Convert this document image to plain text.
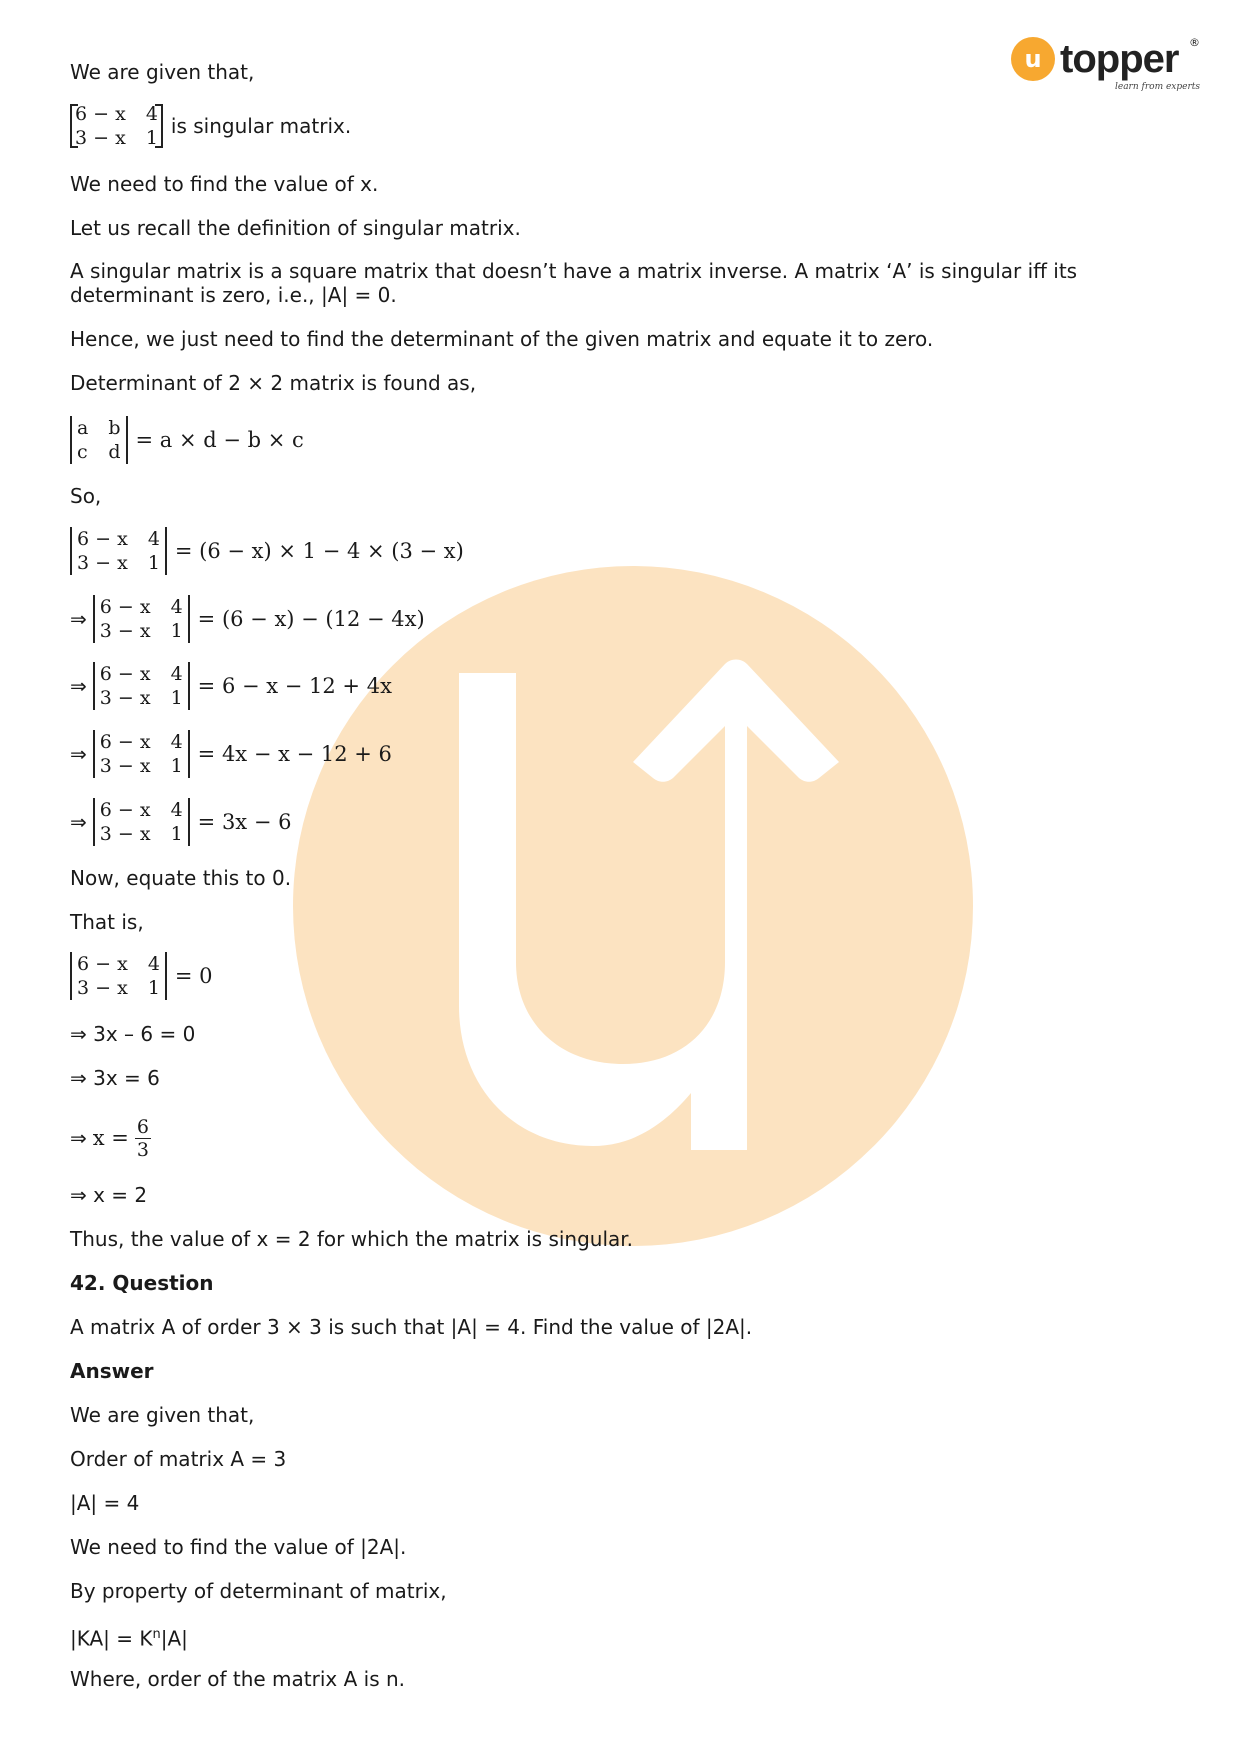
u topper ®
learn from experts
We are given that,
6 − x 4
3 − x 1 is singular matrix.
We need to find the value of x.
Let us recall the definition of singular matrix.
A singular matrix is a square matrix that doesn’t have a matrix inverse. A matrix ‘A’ is singular iff its determinant is zero, i.e., |A| = 0.
Hence, we just need to find the determinant of the given matrix and equate it to zero.
Determinant of 2 × 2 matrix is found as,
a b
c d = a × d − b × c
So,
6 − x 4
3 − x 1 = (6 − x) × 1 − 4 × (3 − x)
⇒ 6 − x 4
3 − x 1 = (6 − x) − (12 − 4x)
⇒ 6 − x 4
3 − x 1 = 6 − x − 12 + 4x
⇒ 6 − x 4
3 − x 1 = 4x − x − 12 + 6
⇒ 6 − x 4
3 − x 1 = 3x − 6
Now, equate this to 0.
That is,
6 − x 4
3 − x 1 = 0
⇒ 3x – 6 = 0
⇒ 3x = 6
⇒ $x = \frac{6}{3}$
⇒ x = 2
Thus, the value of x = 2 for which the matrix is singular.
42. Question
A matrix A of order 3 × 3 is such that |A| = 4. Find the value of |2A|.
Answer
We are given that,
Order of matrix A = 3
|A| = 4
We need to find the value of |2A|.
By property of determinant of matrix,
$|KA| = K^n|A|$
Where, order of the matrix A is n.
